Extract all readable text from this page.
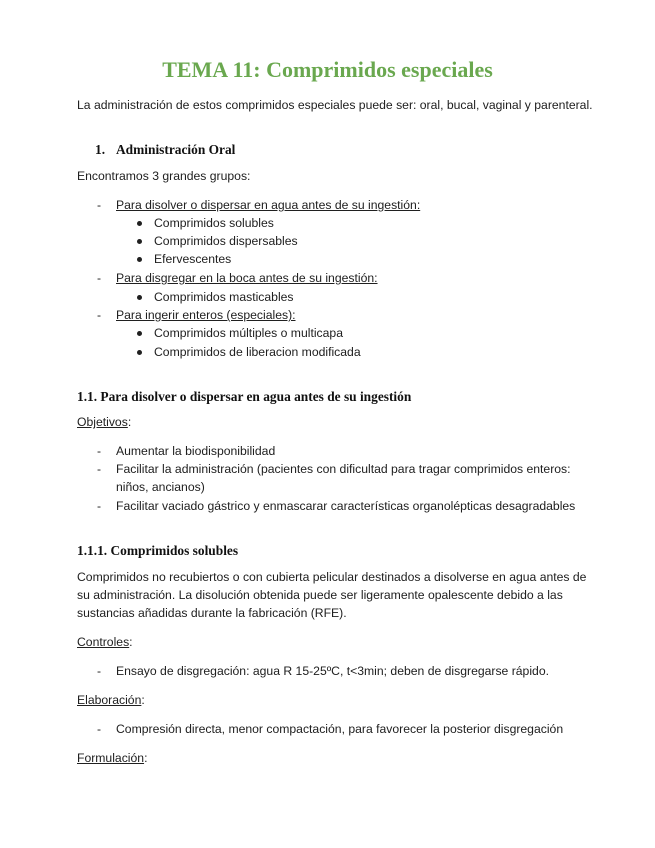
TEMA 11: Comprimidos especiales
La administración de estos comprimidos especiales puede ser: oral, bucal, vaginal y parenteral.
1. Administración Oral
Encontramos 3 grandes grupos:
- Para disolver o dispersar en agua antes de su ingestión:
Comprimidos solubles
Comprimidos dispersables
Efervescentes
- Para disgregar en la boca antes de su ingestión:
Comprimidos masticables
- Para ingerir enteros (especiales):
Comprimidos múltiples o multicapa
Comprimidos de liberacion modificada
1.1. Para disolver o dispersar en agua antes de su ingestión
Objetivos:
- Aumentar la biodisponibilidad
- Facilitar la administración (pacientes con dificultad para tragar comprimidos enteros:
niños, ancianos)
- Facilitar vaciado gástrico y enmascarar características organolépticas desagradables
1.1.1. Comprimidos solubles
Comprimidos no recubiertos o con cubierta pelicular destinados a disolverse en agua antes de
su administración. La disolución obtenida puede ser ligeramente opalescente debido a las
sustancias añadidas durante la fabricación (RFE).
Controles:
- Ensayo de disgregación: agua R 15-25ºC, t<3min; deben de disgregarse rápido.
Elaboración:
- Compresión directa, menor compactación, para favorecer la posterior disgregación
Formulación:
